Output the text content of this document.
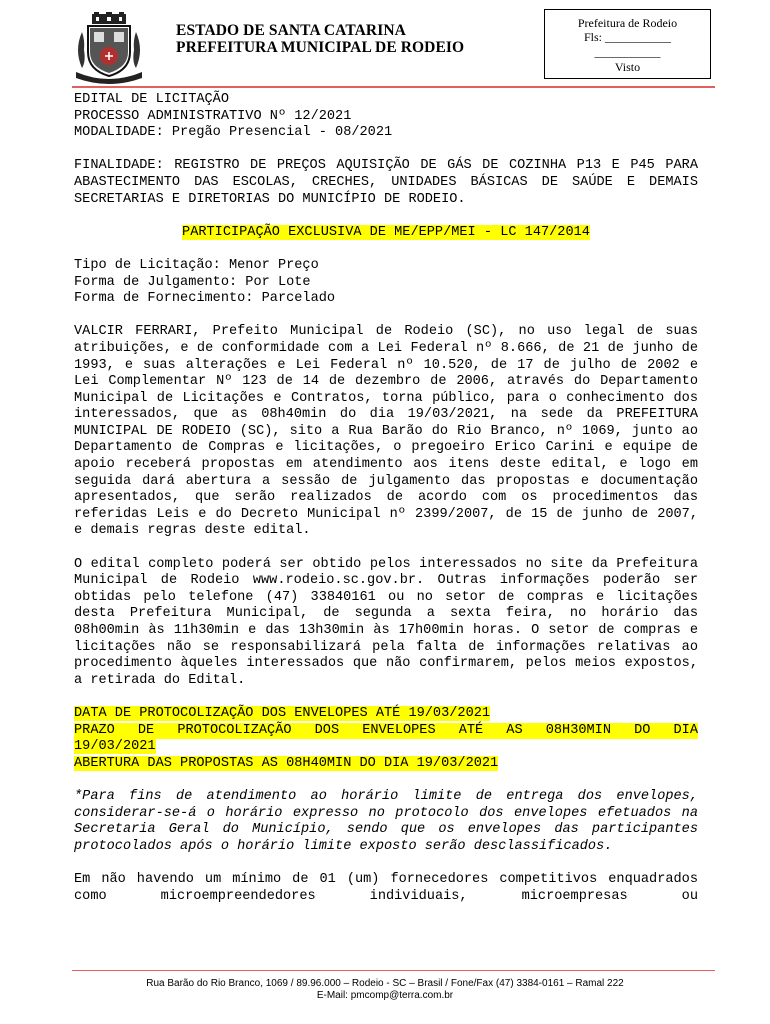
ESTADO DE SANTA CATARINA
PREFEITURA MUNICIPAL DE RODEIO
Prefeitura de Rodeio
Fls: ___________
___________
Visto

EDITAL DE LICITAÇÃO

PROCESSO ADMINISTRATIVO Nº 12/2021

MODALIDADE: Pregão Presencial - 08/2021

FINALIDADE: REGISTRO DE PREÇOS AQUISIÇÃO DE GÁS DE COZINHA P13 E P45 PARA ABASTECIMENTO DAS ESCOLAS, CRECHES, UNIDADES BÁSICAS DE SAÚDE E DEMAIS SECRETARIAS E DIRETORIAS DO MUNICÍPIO DE RODEIO.

PARTICIPAÇÃO EXCLUSIVA DE ME/EPP/MEI - LC 147/2014

Tipo de Licitação: Menor Preço

Forma de Julgamento: Por Lote

Forma de Fornecimento: Parcelado

VALCIR FERRARI, Prefeito Municipal de Rodeio (SC), no uso legal de suas atribuições, e de conformidade com a Lei Federal nº 8.666, de 21 de junho de 1993, e suas alterações e Lei Federal nº 10.520, de 17 de julho de 2002 e Lei Complementar Nº 123 de 14 de dezembro de 2006, através do Departamento Municipal de Licitações e Contratos, torna público, para o conhecimento dos interessados, que as 08h40min do dia 19/03/2021, na sede da PREFEITURA MUNICIPAL DE RODEIO (SC), sito a Rua Barão do Rio Branco, nº 1069, junto ao Departamento de Compras e licitações, o pregoeiro Erico Carini e equipe de apoio receberá propostas em atendimento aos itens deste edital, e logo em seguida dará abertura a sessão de julgamento das propostas e documentação apresentados, que serão realizados de acordo com os procedimentos das referidas Leis e do Decreto Municipal nº 2399/2007, de 15 de junho de 2007, e demais regras deste edital.

O edital completo poderá ser obtido pelos interessados no site da Prefeitura Municipal de Rodeio www.rodeio.sc.gov.br. Outras informações poderão ser obtidas pelo telefone (47) 33840161 ou no setor de compras e licitações desta Prefeitura Municipal, de segunda a sexta feira, no horário das 08h00min às 11h30min e das 13h30min às 17h00min horas. O setor de compras e licitações não se responsabilizará pela falta de informações relativas ao procedimento àqueles interessados que não confirmarem, pelos meios expostos, a retirada do Edital.

DATA DE PROTOCOLIZAÇÃO DOS ENVELOPES ATÉ 19/03/2021

PRAZO DE PROTOCOLIZAÇÃO DOS ENVELOPES ATÉ AS 08H30MIN DO DIA

19/03/2021

ABERTURA DAS PROPOSTAS AS 08H40MIN DO DIA 19/03/2021

*Para fins de atendimento ao horário limite de entrega dos envelopes, considerar-se-á o horário expresso no protocolo dos envelopes efetuados na Secretaria Geral do Município, sendo que os envelopes das participantes protocolados após o horário limite exposto serão desclassificados.

Em não havendo um mínimo de 01 (um) fornecedores competitivos enquadrados como microempreendedores individuais, microempresas ou

Rua Barão do Rio Branco, 1069 / 89.96.000 – Rodeio - SC – Brasil / Fone/Fax (47) 3384-0161 – Ramal 222
E-Mail: pmcomp@terra.com.br
